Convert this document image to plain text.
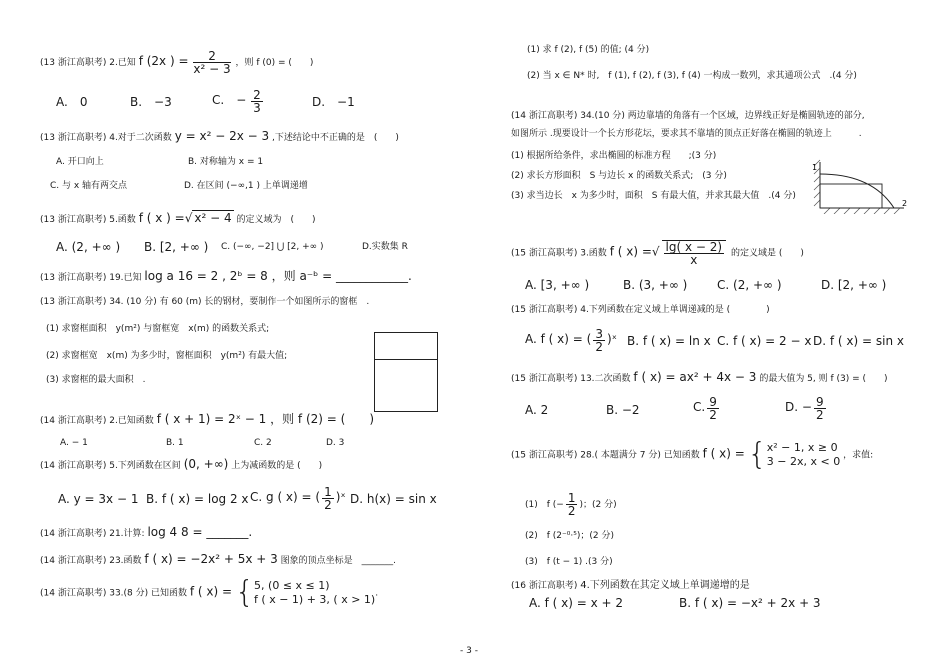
(13 浙江高职考) 2.已知 f (2x ) = $\frac{2}{\text{x² − 3}}$ ，则 f (0) = (　　)
A.　0	B.　−3	C.　− $\frac{2}{3}$	D.　−1
(13 浙江高职考) 4.对于二次函数 y = x² − 2x − 3 ,下述结论中不正确的是　(　　)
A. 开口向上	B. 对称轴为 x = 1
C. 与 x 轴有两交点	D. 在区间 (−∞,1 ) 上单调递增
(13 浙江高职考) 5.函数 f ( x ) =√ x² − 4 的定义域为　(　　)
A. (2, +∞ ) B. [2, +∞ ) C. (−∞, −2] ⋃ [2, +∞ )	D.实数集 R
(13 浙江高职考) 19.已知 log a 16 = 2 , 2ᵇ = 8 ，则 a⁻ᵇ = ____________.
(13 浙江高职考) 34. (10 分) 有 60 (m) 长的钢材，要制作一个如图所示的窗框　.
(1) 求窗框面积　y(m²) 与窗框宽　x(m) 的函数关系式;
(2) 求窗框宽　x(m) 为多少时，窗框面积　y(m²) 有最大值;
(3) 求窗框的最大面积　.
(14 浙江高职考) 2.已知函数 f ( x + 1) = 2ˣ − 1 ，则 f (2) = (　　)
A. − 1	B. 1	C. 2	D. 3
(14 浙江高职考) 5.下列函数在区间 (0, +∞) 上为减函数的是 (　　)
A. y = 3x − 1 B. f ( x) = log 2 x C. g ( x) = ( $\frac{1}{2}$ )ˣ D. h(x) = sin x
(14 浙江高职考) 21.计算: log 4 8 = _______.
(14 浙江高职考) 23.函数 f ( x) = −2x² + 5x + 3 图象的顶点坐标是　_______.
(14 浙江高职考) 33.(8 分) 已知函数 f ( x) = { 5, (0 ≤ x ≤ 1)
f ( x − 1) + 3, ( x > 1) .
(1) 求 f (2), f (5) 的值; (4 分)
(2) 当 x ∈ N* 时,　f (1), f (2), f (3), f (4) 一构成一数列，求其通项公式　.(4 分)
(14 浙江高职考) 34.(10 分) 两边靠墙的角落有一个区域，边界线正好是椭圆轨迹的部分,
如图所示 .现要设计一个长方形花坛，要求其不靠墙的顶点正好落在椭圆的轨迹上　　　.
(1) 根据所给条件，求出椭圆的标准方程　　;(3 分)
(2) 求长方形面积　S 与边长 x 的函数关系式;　(3 分)
(3) 求当边长　x 为多少时，面积　S 有最大值，并求其最大值　.(4 分)
1
2
(15 浙江高职考) 3.函数 f ( x) =√ $\frac{\lg( x - 2)}{x}$ 的定义域是 (　　)
A. [3, +∞ )	B. (3, +∞ ) C. (2, +∞ )	D. [2, +∞ )
(15 浙江高职考) 4.下列函数在定义域上单调递减的是 (　　　　)
A. f ( x) = ( $\frac{3}{2}$ )ˣ B. f ( x) = ln x C. f ( x) = 2 − x D. f ( x) = sin x
(15 浙江高职考) 13.二次函数 f ( x) = ax² + 4x − 3 的最大值为 5, 则 f (3) = (　　)
A. 2	B. −2	C. $\frac{9}{2}$	D. − $\frac{9}{2}$
(15 浙江高职考) 28.( 本题满分 7 分) 已知函数 f ( x) = { x² − 1, x ≥ 0
3 − 2x, x < 0 ，求值:
(1)　f (− $\frac{1}{2}$ )；(2 分)
(2)　f (2⁻⁰·⁵)；(2 分)
(3)　f (t − 1) .(3 分)
(16 浙江高职考) 4.下列函数在其定义域上单调递增的是
A. f ( x) = x + 2	B. f ( x) = −x² + 2x + 3
- 3 -
